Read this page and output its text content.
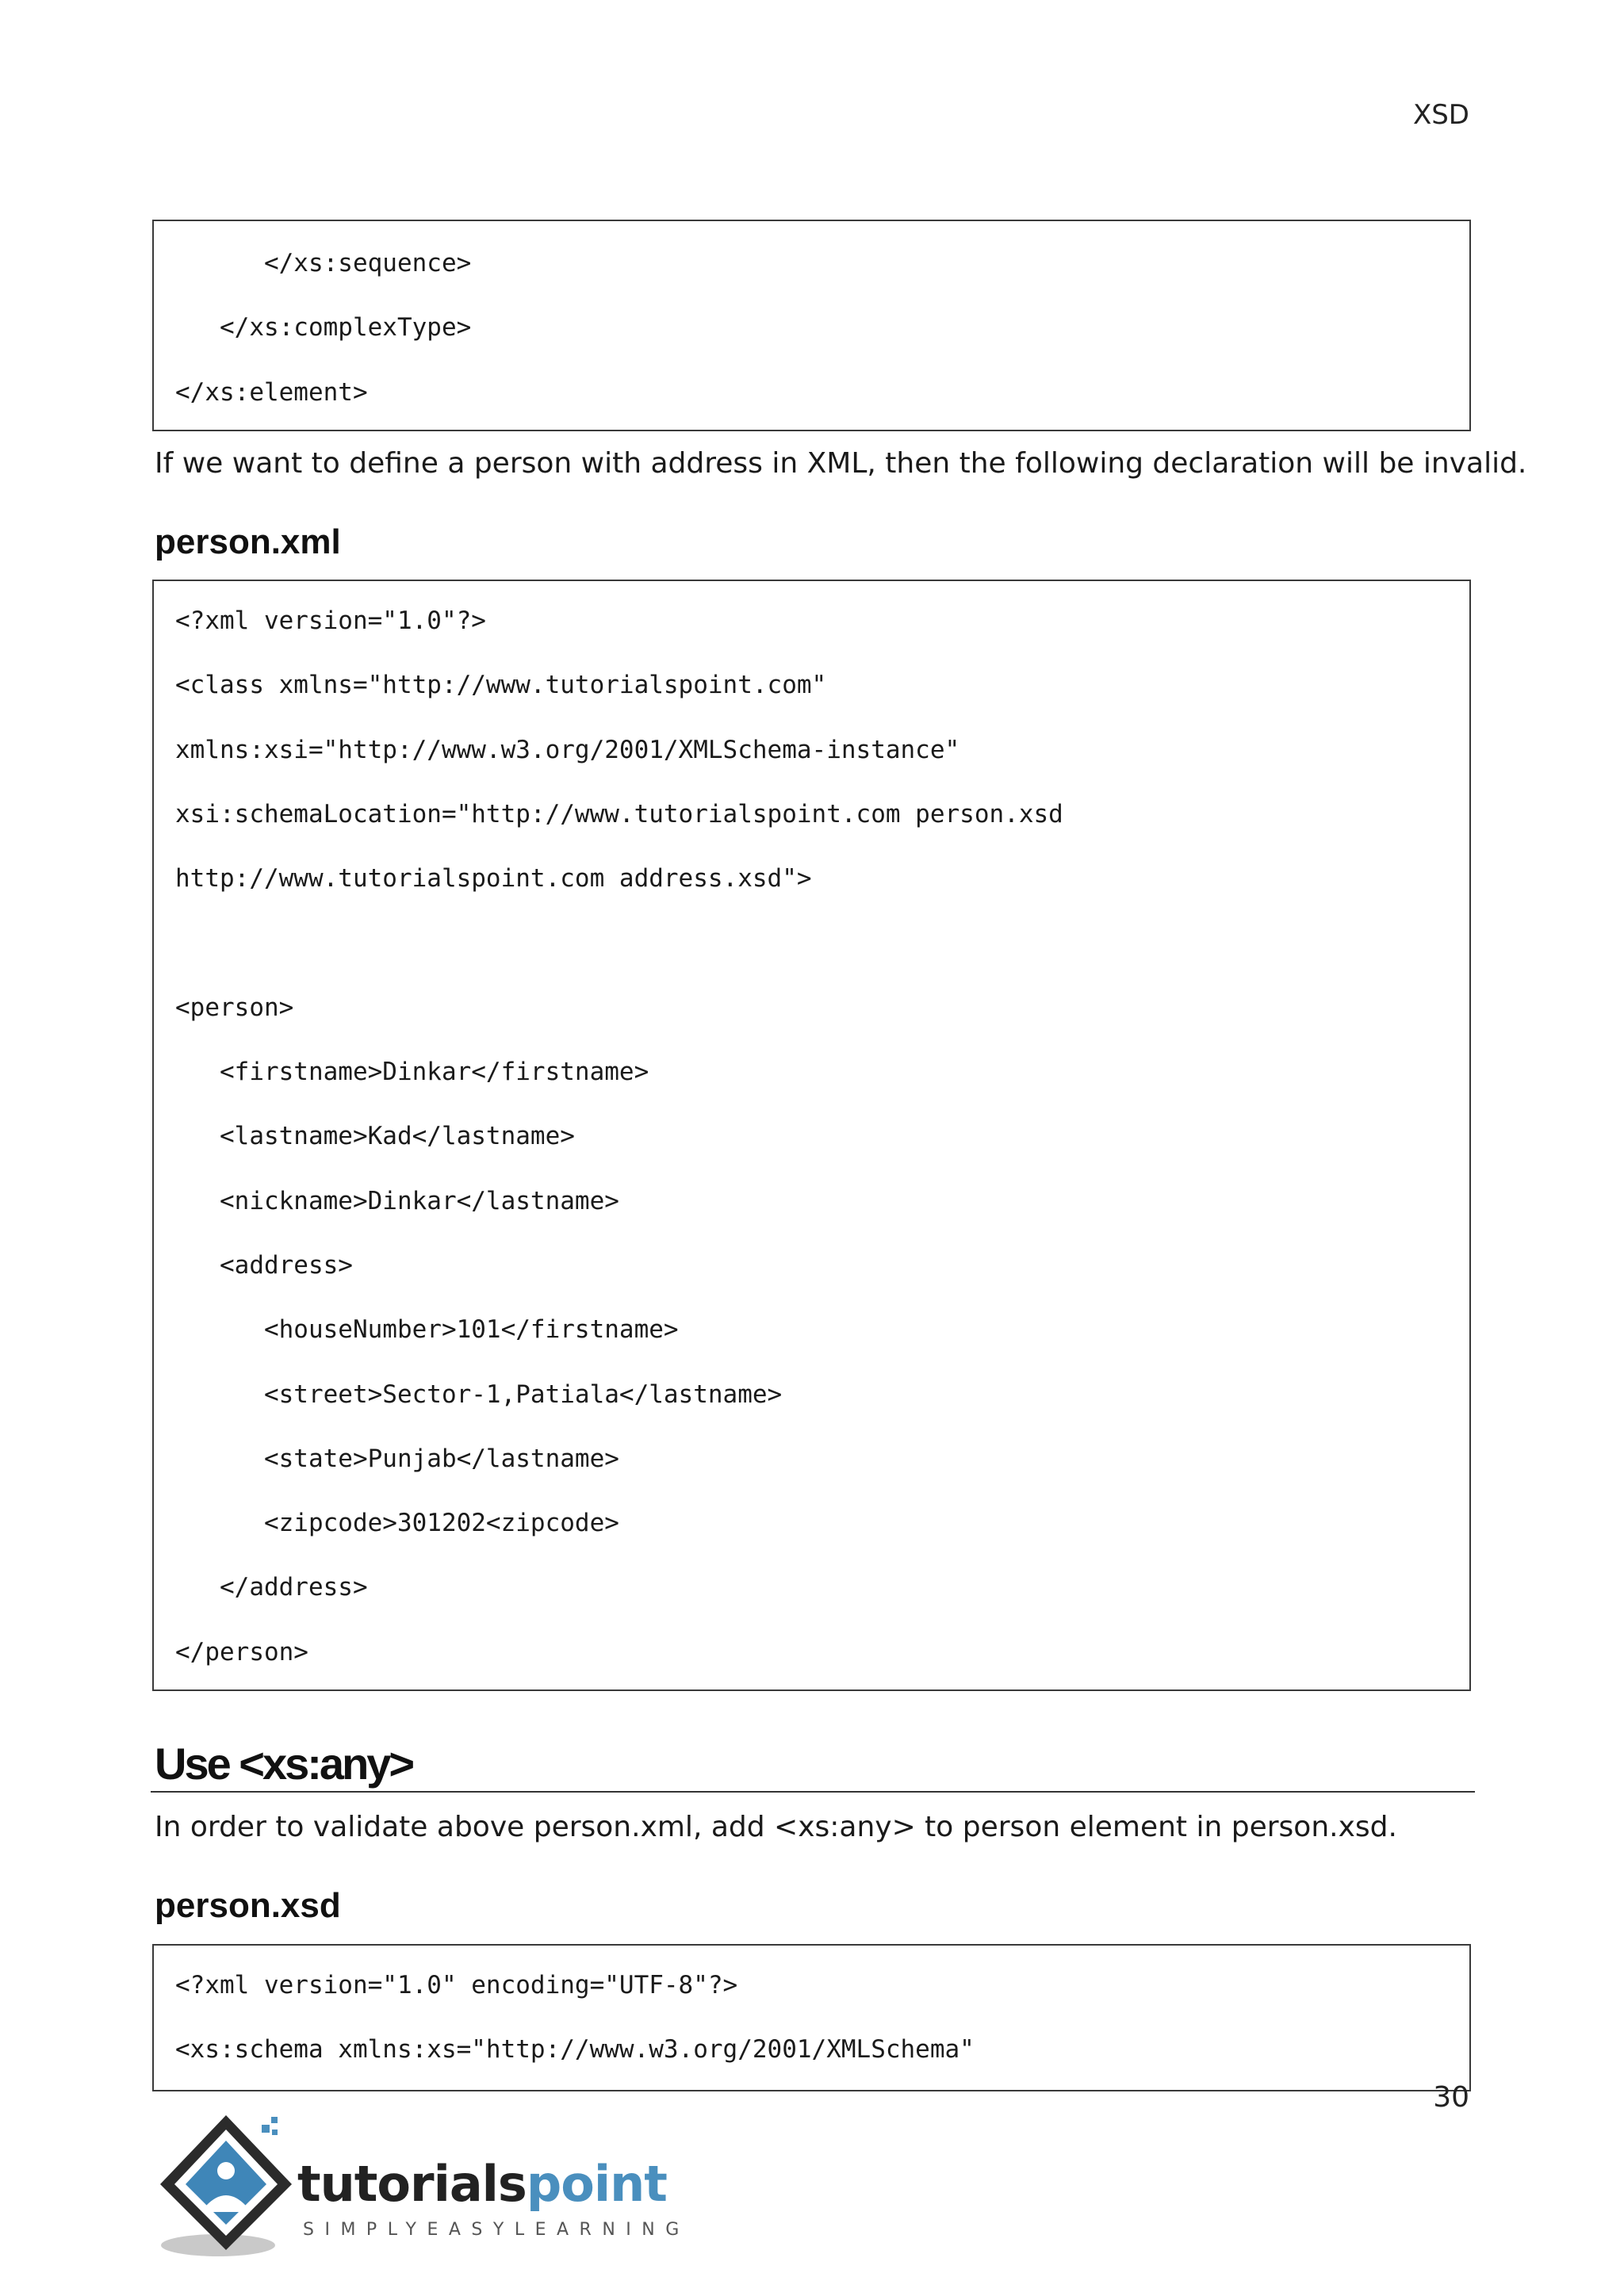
XSD
</xs:sequence>
</xs:complexType>
</xs:element>
If we want to define a person with address in XML, then the following declaration will be invalid.
person.xml
<?xml version="1.0"?>
<class xmlns="http://www.tutorialspoint.com"
xmlns:xsi="http://www.w3.org/2001/XMLSchema-instance"
xsi:schemaLocation="http://www.tutorialspoint.com person.xsd
http://www.tutorialspoint.com address.xsd">
<person>
<firstname>Dinkar</firstname>
<lastname>Kad</lastname>
<nickname>Dinkar</lastname>
<address>
<houseNumber>101</firstname>
<street>Sector-1,Patiala</lastname>
<state>Punjab</lastname>
<zipcode>301202<zipcode>
</address>
</person>
Use <xs:any>
In order to validate above person.xml, add <xs:any> to person element in person.xsd.
person.xsd
<?xml version="1.0" encoding="UTF-8"?>
<xs:schema xmlns:xs="http://www.w3.org/2001/XMLSchema"
30
tutorialspoint
SIMPLYEASYLEARNING
